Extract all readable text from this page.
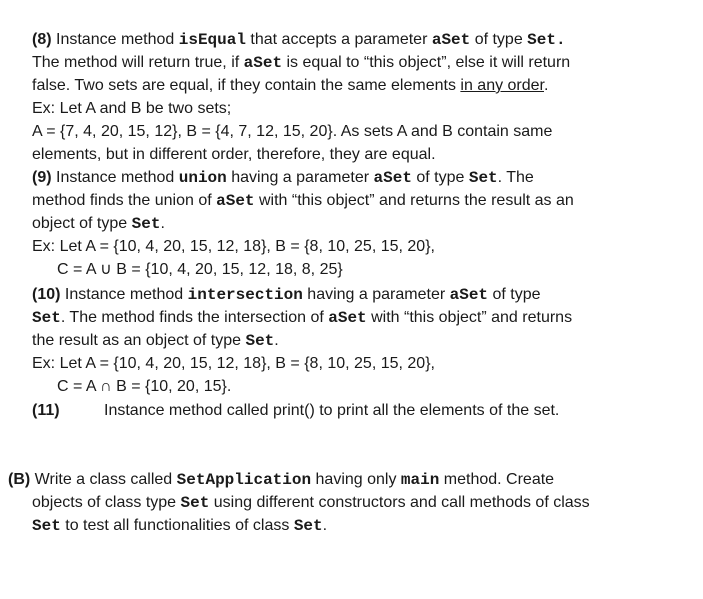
(8) Instance method isEqual that accepts a parameter aSet of type Set.
The method will return true, if aSet is equal to “this object”, else it will return
false. Two sets are equal, if they contain the same elements in any order.
Ex: Let A and B be two sets;
A = {7, 4, 20, 15, 12}, B = {4, 7, 12, 15, 20}. As sets A and B contain same
elements, but in different order, therefore, they are equal.
(9) Instance method union having a parameter aSet of type Set. The
method finds the union of aSet with “this object” and returns the result as an
object of type Set.
Ex: Let A = {10, 4, 20, 15, 12, 18}, B = {8, 10, 25, 15, 20},
C = A ∪ B = {10, 4, 20, 15, 12, 18, 8, 25}
(10) Instance method intersection having a parameter aSet of type
Set. The method finds the intersection of aSet with “this object” and returns
the result as an object of type Set.
Ex: Let A = {10, 4, 20, 15, 12, 18}, B = {8, 10, 25, 15, 20},
C = A ∩ B = {10, 20, 15}.
(11)	Instance method called print() to print all the elements of the set.
(B) Write a class called SetApplication having only main method. Create
objects of class type Set using different constructors and call methods of class
Set to test all functionalities of class Set.
